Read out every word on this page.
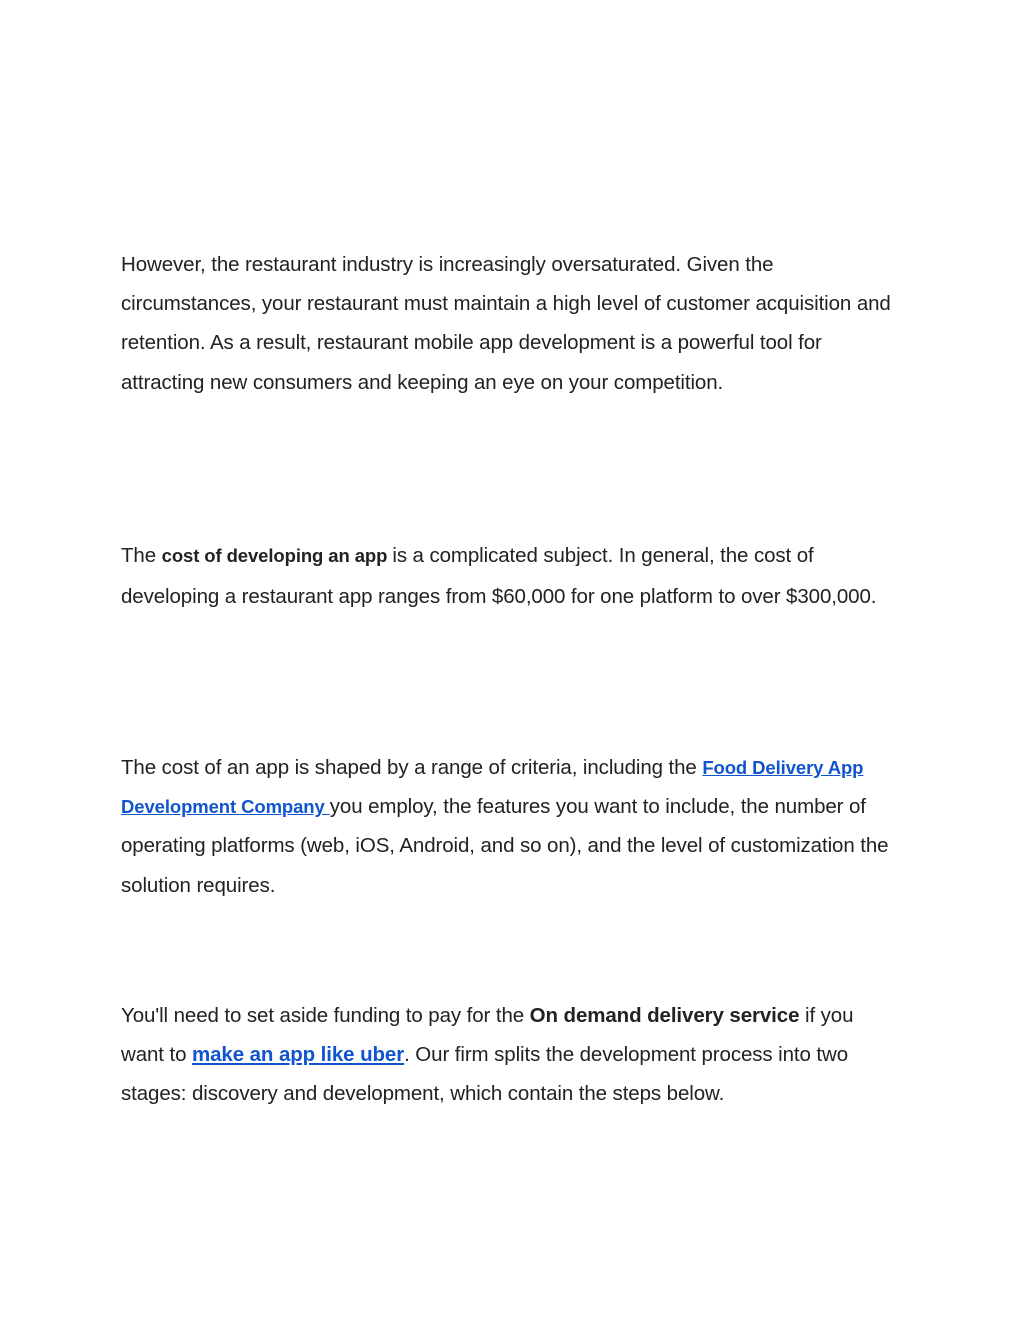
However, the restaurant industry is increasingly oversaturated. Given the circumstances, your restaurant must maintain a high level of customer acquisition and retention. As a result, restaurant mobile app development is a powerful tool for attracting new consumers and keeping an eye on your competition.

The cost of developing an app is a complicated subject. In general, the cost of developing a restaurant app ranges from $60,000 for one platform to over $300,000.

The cost of an app is shaped by a range of criteria, including the Food Delivery App Development Company you employ, the features you want to include, the number of operating platforms (web, iOS, Android, and so on), and the level of customization the solution requires.

You'll need to set aside funding to pay for the On demand delivery service if you want to make an app like uber. Our firm splits the development process into two stages: discovery and development, which contain the steps below.
